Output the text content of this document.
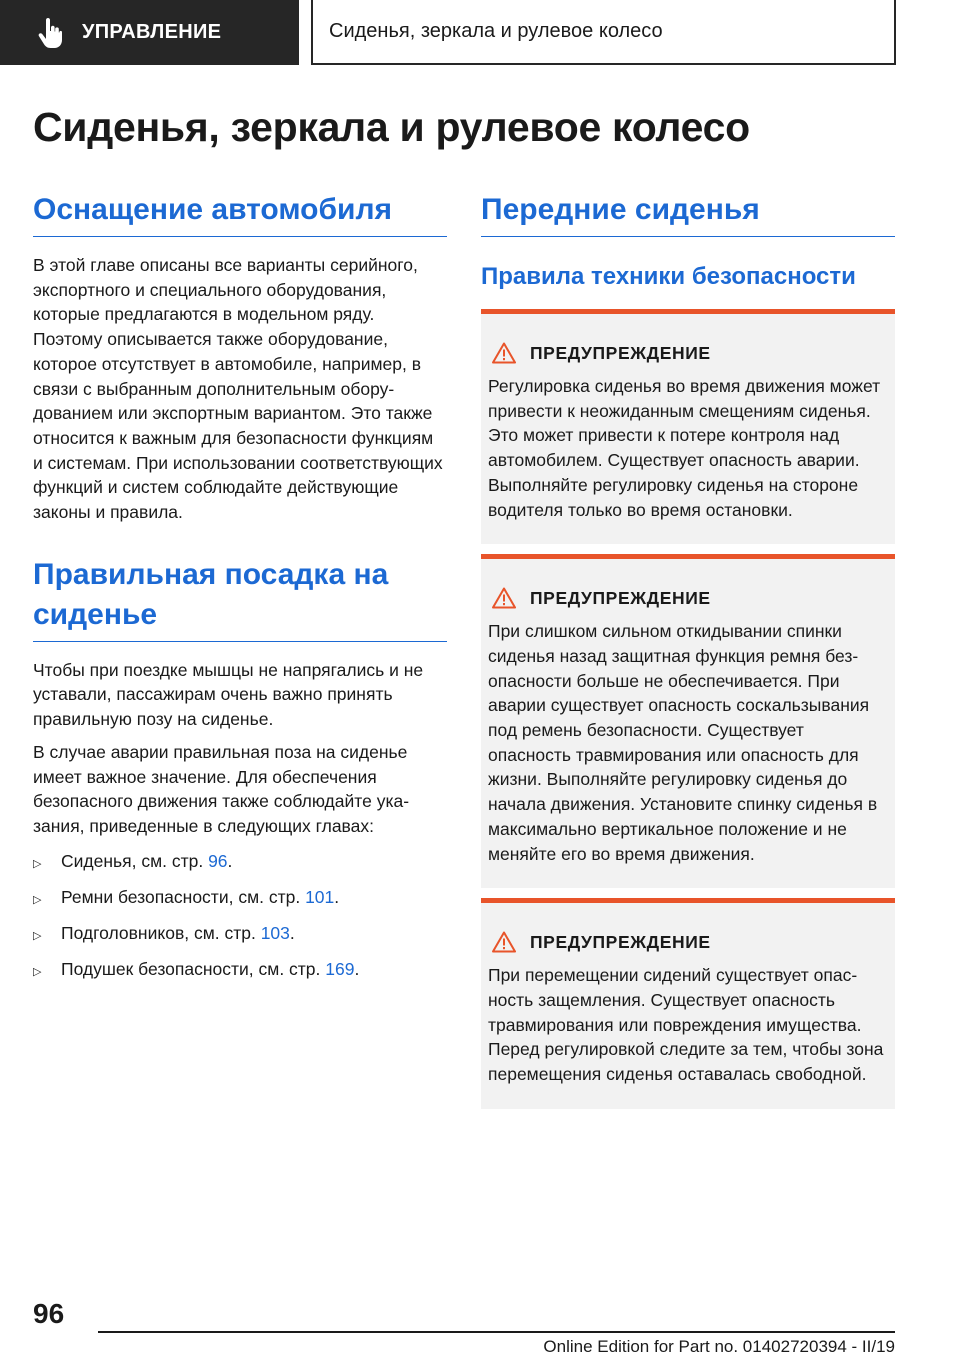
УПРАВЛЕНИЕ	Сиденья, зеркала и рулевое колесо
Сиденья, зеркала и рулевое колесо
Оснащение автомобиля

В этой главе описаны все варианты серийного, экспортного и специального оборудования, которые предлагаются в модельном ряду. Поэтому описывается также оборудование, которое отсутствует в автомобиле, например, в связи с выбранным дополнительным оборудованием или экспортным вариантом. Это также относится к важным для безопасности функциям и системам. При использовании соответствующих функций и систем соблюдайте действующие законы и правила.

Правильная посадка на сиденье

Чтобы при поездке мышцы не напрягались и не уставали, пассажирам очень важно принять правильную позу на сиденье.

В случае аварии правильная поза на сиденье имеет важное значение. Для обеспечения безопасного движения также соблюдайте указания, приведенные в следующих главах:

▷	Сиденья, см. стр. 96.
▷	Ремни безопасности, см. стр. 101.
▷	Подголовников, см. стр. 103.
▷	Подушек безопасности, см. стр. 169.
Передние сиденья
Правила техники безопасности
ПРЕДУПРЕЖДЕНИЕ

Регулировка сиденья во время движения может привести к неожиданным смещениям сиденья. Это может привести к потере контроля над автомобилем. Существует опасность аварии. Выполняйте регулировку сиденья на стороне водителя только во время остановки.

ПРЕДУПРЕЖДЕНИЕ

При слишком сильном откидывании спинки сиденья назад защитная функция ремня безопасности больше не обеспечивается. При аварии существует опасность соскальзывания под ремень безопасности. Существует опасность травмирования или опасность для жизни. Выполняйте регулировку сиденья до начала движения. Установите спинку сиденья в максимально вертикальное положение и не меняйте его во время движения.

ПРЕДУПРЕЖДЕНИЕ

При перемещении сидений существует опасность защемления. Существует опасность травмирования или повреждения имущества. Перед регулировкой следите за тем, чтобы зона перемещения сиденья оставалась свободной.

96
Online Edition for Part no. 01402720394 - II/19
